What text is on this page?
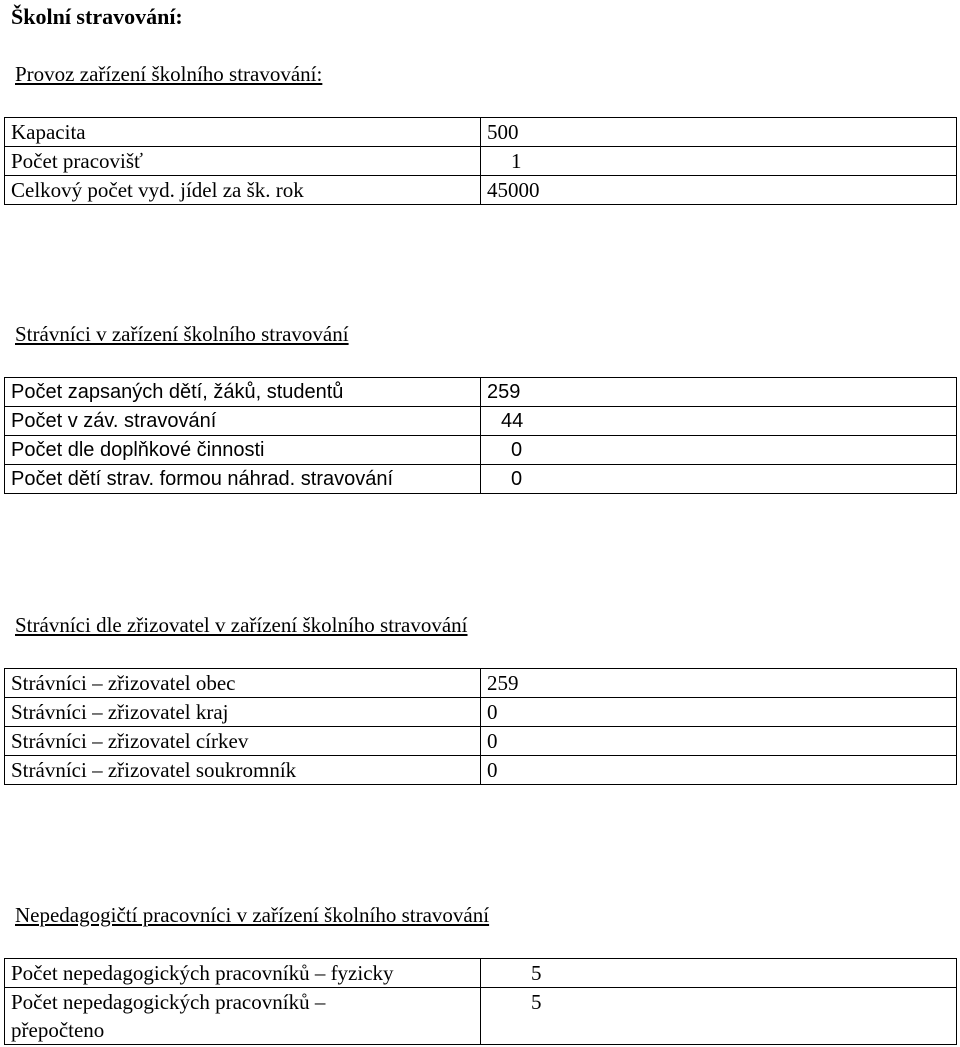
Školní stravování:
Provoz zařízení školního stravování:
Kapacita	500
Počet pracovišť	1
Celkový počet vyd. jídel za šk. rok	45000
Strávníci v zařízení školního stravování
Počet zapsaných dětí, žáků, studentů	259
Počet v záv. stravování	44
Počet dle doplňkové činnosti	0
Počet dětí strav. formou náhrad. stravování	0
Strávníci dle zřizovatel v zařízení školního stravování
Strávníci – zřizovatel obec	259
Strávníci – zřizovatel kraj	0
Strávníci – zřizovatel církev	0
Strávníci – zřizovatel soukromník	0
Nepedagogičtí pracovníci v zařízení školního stravování
Počet nepedagogických pracovníků – fyzicky	5

Počet nepedagogických pracovníků – přepočteno	5
